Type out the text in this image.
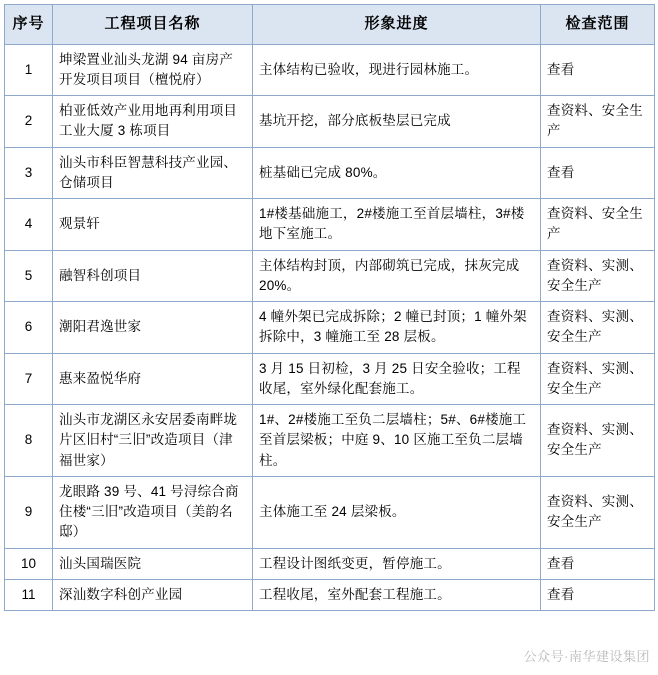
序号	工程项目名称	形象进度	检查范围
1	坤梁置业汕头龙湖 94 亩房产开发项目项目（檀悦府）	主体结构已验收，现进行园林施工。	查看
2	柏亚低效产业用地再利用项目工业大厦 3 栋项目	基坑开挖，部分底板垫层已完成	查资料、安全生产
3	汕头市科臣智慧科技产业园、仓储项目	桩基础已完成 80%。	查看
4	观景轩	1#楼基础施工，2#楼施工至首层墙柱，3#楼地下室施工。	查资料、安全生产
5	融智科创项目	主体结构封顶，内部砌筑已完成，抹灰完成 20%。	查资料、实测、安全生产
6	潮阳君逸世家	4 幢外架已完成拆除；2 幢已封顶；1 幢外架拆除中，3 幢施工至 28 层板。	查资料、实测、安全生产
7	惠来盈悦华府	3 月 15 日初检，3 月 25 日安全验收；工程收尾，室外绿化配套施工。	查资料、实测、安全生产
8	汕头市龙湖区永安居委南畔垅片区旧村“三旧”改造项目（津福世家）	1#、2#楼施工至负二层墙柱；5#、6#楼施工至首层梁板；中庭 9、10 区施工至负二层墙柱。	查资料、实测、安全生产
9	龙眼路 39 号、41 号浔综合商住楼“三旧”改造项目（美韵名邸）	主体施工至 24 层梁板。	查资料、实测、安全生产
10	汕头国瑞医院	工程设计图纸变更，暂停施工。	查看
11	深汕数字科创产业园	工程收尾，室外配套工程施工。	查看
公众号·南华建设集团
